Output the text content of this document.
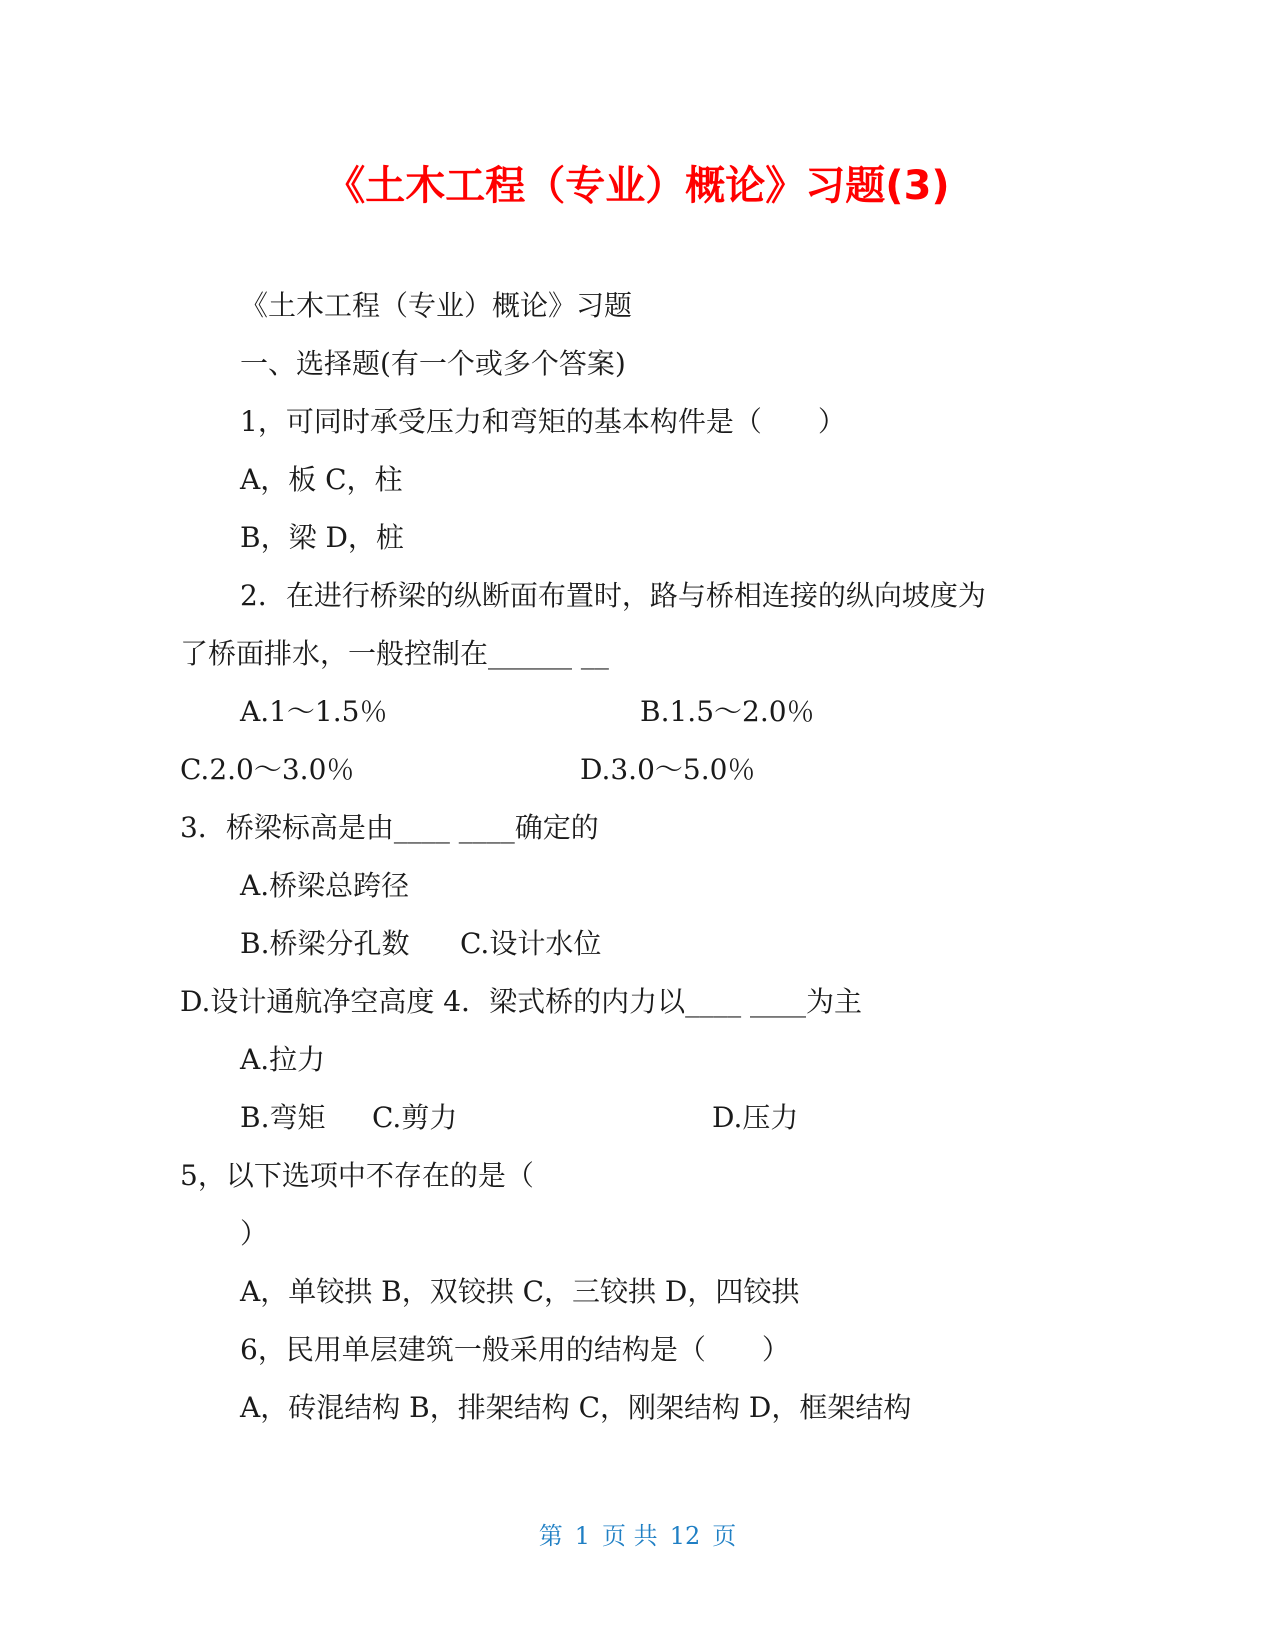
《土木工程（专业）概论》习题(3)
《土木工程（专业）概论》习题
一、选择题(有一个或多个答案)
1，可同时承受压力和弯矩的基本构件是（　　）
A，板 C，柱
B，梁 D，桩
2．在进行桥梁的纵断面布置时，路与桥相连接的纵向坡度为
了桥面排水，一般控制在______ __
A.1～1.5％	B.1.5～2.0％
C.2.0～3.0％	D.3.0～5.0％
3．桥梁标高是由____ ____确定的
A.桥梁总跨径
B.桥梁分孔数 C.设计水位
D.设计通航净空高度 4．梁式桥的内力以____ ____为主
A.拉力
B.弯矩 C.剪力	D.压力
5，以下选项中不存在的是（
）
A，单铰拱 B，双铰拱 C，三铰拱 D，四铰拱
6，民用单层建筑一般采用的结构是（　　）
A，砖混结构 B，排架结构 C，刚架结构 D，框架结构
第 1 页 共 12 页
